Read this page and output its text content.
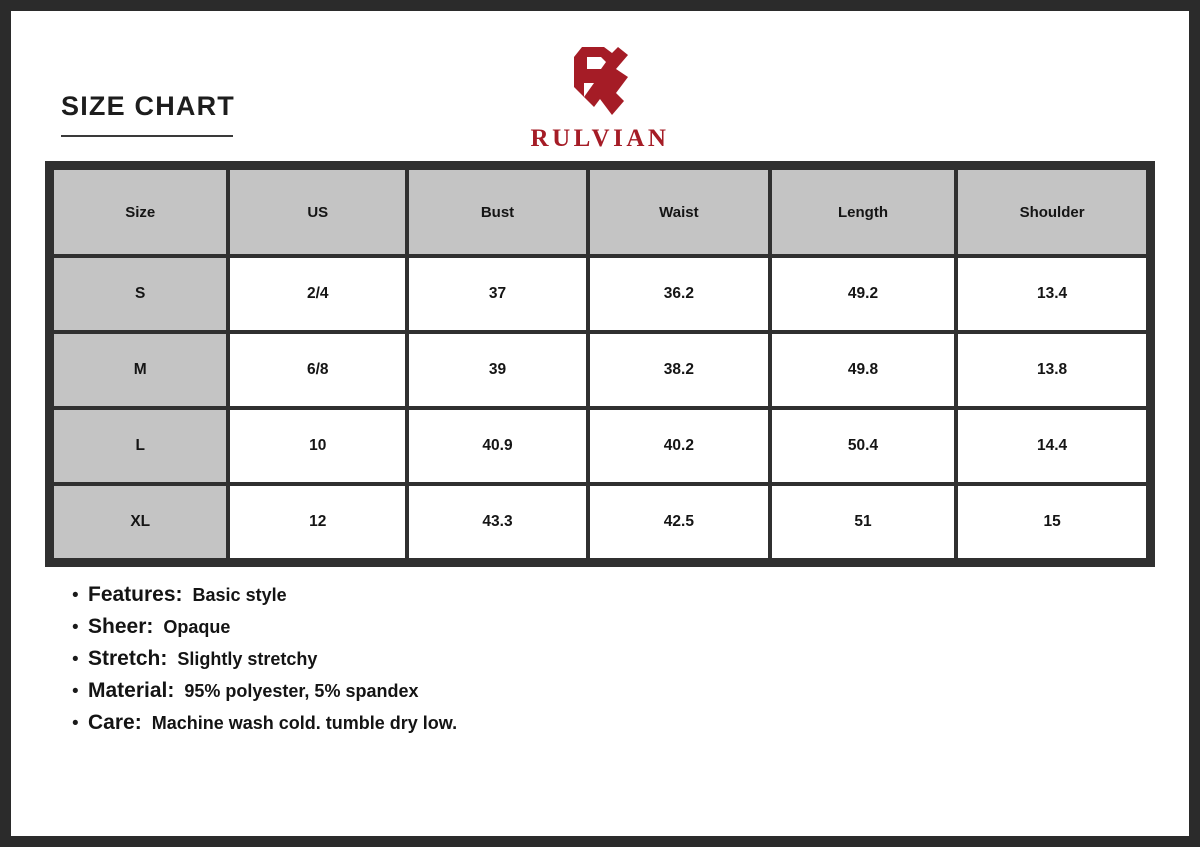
SIZE CHART
RULVIAN
Size	US	Bust	Waist	Length	Shoulder
S	2/4	37	36.2	49.2	13.4
M	6/8	39	38.2	49.8	13.8
L	10	40.9	40.2	50.4	14.4
XL	12	43.3	42.5	51	15
• Features: Basic style
• Sheer: Opaque
• Stretch: Slightly stretchy
• Material: 95% polyester, 5% spandex
• Care: Machine wash cold. tumble dry low.
